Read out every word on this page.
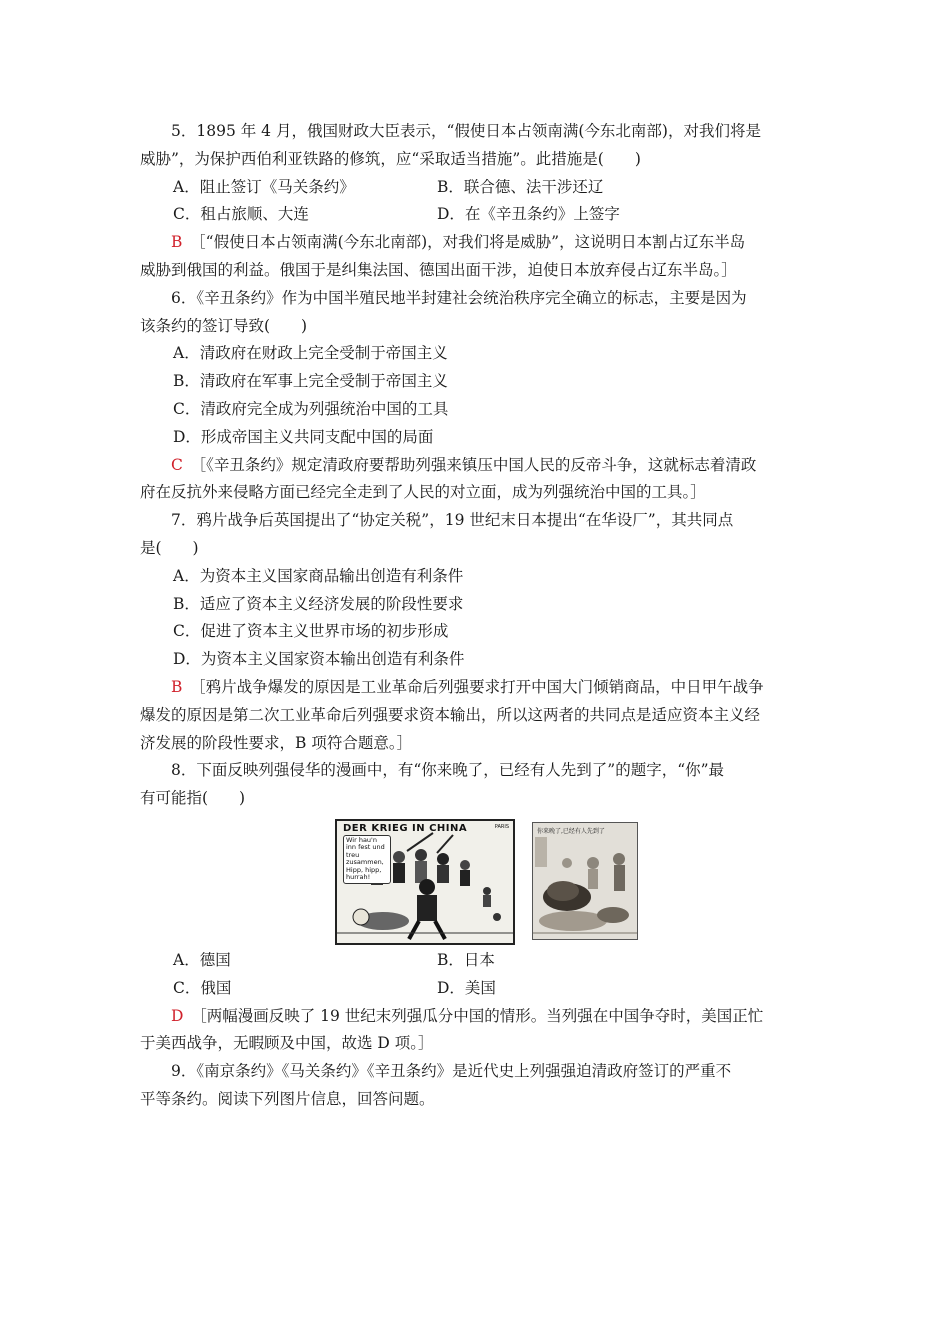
5．1895 年 4 月，俄国财政大臣表示，“假使日本占领南满(今东北南部)，对我们将是

威胁”，为保护西伯利亚铁路的修筑，应“采取适当措施”。此措施是(　　)

A．阻止签订《马关条约》	B．联合德、法干涉还辽
C．租占旅顺、大连	D．在《辛丑条约》上签字

B　 ［“假使日本占领南满(今东北南部)，对我们将是威胁”，这说明日本割占辽东半岛

威胁到俄国的利益。俄国于是纠集法国、德国出面干涉，迫使日本放弃侵占辽东半岛。］

6．《辛丑条约》作为中国半殖民地半封建社会统治秩序完全确立的标志，主要是因为

该条约的签订导致(　　)

A．清政府在财政上完全受制于帝国主义
B．清政府在军事上完全受制于帝国主义
C．清政府完全成为列强统治中国的工具
D．形成帝国主义共同支配中国的局面

C　 ［《辛丑条约》规定清政府要帮助列强来镇压中国人民的反帝斗争，这就标志着清政

府在反抗外来侵略方面已经完全走到了人民的对立面，成为列强统治中国的工具。］

7．鸦片战争后英国提出了“协定关税”，19 世纪末日本提出“在华设厂”，其共同点

是(　　)

A．为资本主义国家商品输出创造有利条件
B．适应了资本主义经济发展的阶段性要求
C．促进了资本主义世界市场的初步形成
D．为资本主义国家资本输出创造有利条件

B　 ［鸦片战争爆发的原因是工业革命后列强要求打开中国大门倾销商品，中日甲午战争

爆发的原因是第二次工业革命后列强要求资本输出，所以这两者的共同点是适应资本主义经

济发展的阶段性要求，B 项符合题意。］

8．下面反映列强侵华的漫画中，有“你来晚了，已经有人先到了”的题字，“你”最

有可能指(　　)

DER KRIEG IN CHINA	PARIS
Wir hau'n inn fest und treu zusammen, Hipp, hipp, hurrah!
你来晚了,已经有人先到了
A．德国	B．日本
C．俄国	D．美国

D　 ［两幅漫画反映了 19 世纪末列强瓜分中国的情形。当列强在中国争夺时，美国正忙

于美西战争，无暇顾及中国，故选 D 项。］

9．《南京条约》《马关条约》《辛丑条约》是近代史上列强强迫清政府签订的严重不

平等条约。阅读下列图片信息，回答问题。
